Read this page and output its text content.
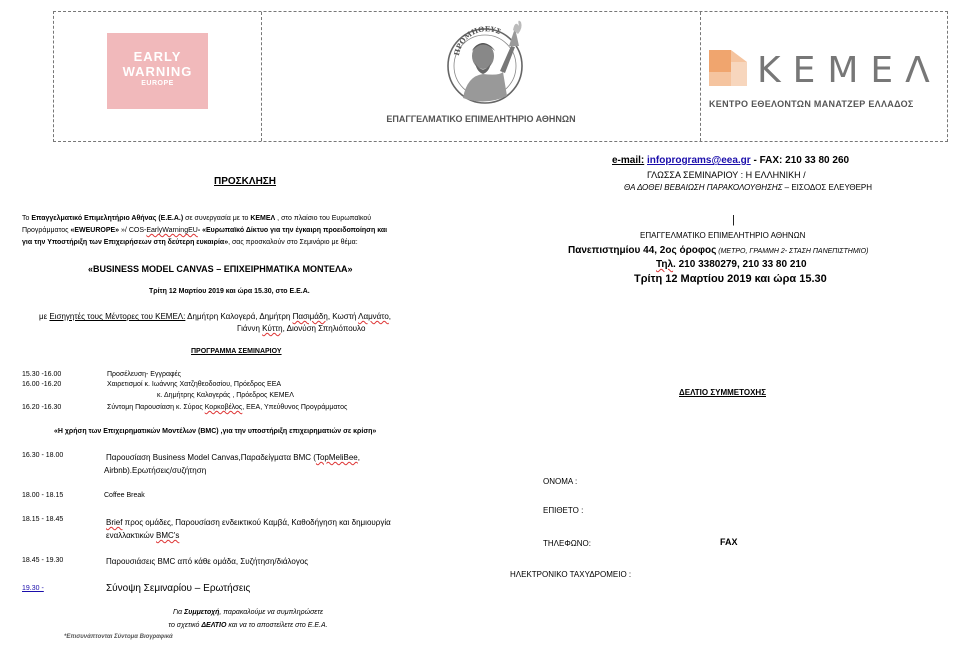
EARLY
WARNING
EUROPE
ΠΡΟΜΗΘΕΥΣ
ΕΠΑΓΓΕΛΜΑΤΙΚΟ ΕΠΙΜΕΛΗΤΗΡΙΟ ΑΘΗΝΩΝ
ΚΕΜΕΛ
ΚΕΝΤΡΟ ΕΘΕΛΟΝΤΩΝ ΜΑΝΑΤΖΕΡ ΕΛΛΑΔΟΣ
ΠΡΟΣΚΛΗΣΗ
Το Επαγγελματικό Επιμελητήριο Αθήνας (Ε.Ε.Α.) σε συνεργασία με το ΚΕΜΕΛ , στο πλαίσιο του Ευρωπαϊκού
Προγράμματος «EWEUROPE» »/ COS-EarlyWarningEU- «Ευρωπαϊκό Δίκτυο για την έγκαιρη προειδοποίηση και
για την Υποστήριξη των Επιχειρήσεων στη δεύτερη ευκαιρία», σας προσκαλούν στο Σεμινάριο με θέμα:
«BUSINESS MODEL CANVAS – ΕΠΙΧΕΙΡΗΜΑΤΙΚΑ ΜΟΝΤΕΛΑ»
Τρίτη 12 Μαρτίου 2019 και ώρα 15.30, στο Ε.Ε.Α.
με Εισηγητές τους Μέντορες του ΚΕΜΕΛ: Δημήτρη Καλογερά, Δημήτρη Πασιμάδη, Κωστή Λαμνάτο,
Γιάννη Κύττη, Διονύση Σπηλιόπουλο
ΠΡΟΓΡΑΜΜΑ ΣΕΜΙΝΑΡΙΟΥ
15.30 -16.00	Προσέλευση- Εγγραφές
16.00 -16.20	Χαιρετισμοί κ. Ιωάννης Χατζηθεοδοσίου, Πρόεδρος ΕΕΑ
κ. Δημήτρης Καλογεράς , Πρόεδρος ΚΕΜΕΛ
16.20 -16.30	Σύντομη Παρουσίαση κ. Σύρος Κορκοβέλος, ΕΕΑ, Υπεύθυνος Προγράμματος
«Η χρήση των Επιχειρηματικών Μοντέλων (BMC) ,για την υποστήριξη επιχειρηματιών σε κρίση»
16.30 - 18.00	Παρουσίαση Business Model Canvas,Παραδείγματα BMC (TopMeliBee,
Airbnb).Ερωτήσεις/συζήτηση
18.00 - 18.15	Coffee Break
18.15 - 18.45	Brief προς ομάδες, Παρουσίαση ενδεικτικού Καμβά, Καθοδήγηση και δημιουργία
εναλλακτικών BMC's
18.45 - 19.30	Παρουσιάσεις BMC από κάθε ομάδα, Συζήτηση/διάλογος
19.30 -	Σύνοψη Σεμιναρίου – Ερωτήσεις
Για Συμμετοχή, παρακαλούμε να συμπληρώσετε
το σχετικό ΔΕΛΤΙΟ και να το αποστείλετε στο Ε.Ε.Α.
*Επισυνάπτονται Σύντομα Βιογραφικά
e-mail: infoprograms@eea.gr - FAX: 210 33 80 260
ΓΛΩΣΣΑ ΣΕΜΙΝΑΡΙΟΥ : Η ΕΛΛΗΝΙΚΗ /
ΘΑ ΔΟΘΕΙ ΒΕΒΑΙΩΣΗ ΠΑΡΑΚΟΛΟΥΘΗΣΗΣ – ΕΙΣΟΔΟΣ ΕΛΕΥΘΕΡΗ
|
ΕΠΑΓΓΕΛΜΑΤΙΚΟ ΕΠΙΜΕΛΗΤΗΡΙΟ ΑΘΗΝΩΝ
Πανεπιστημίου 44, 2ος όροφος (ΜΕΤΡΟ, ΓΡΑΜΜΗ 2- ΣΤΑΣΗ ΠΑΝΕΠΙΣΤΗΜΙΟ)
Τηλ. 210 3380279, 210 33 80 210
Τρίτη 12 Μαρτίου 2019 και ώρα 15.30
ΔΕΛΤΙΟ ΣΥΜΜΕΤΟΧΗΣ
ΟΝΟΜΑ :
ΕΠΙΘΕΤΟ :
ΤΗΛΕΦΩΝΟ:	FAX
ΗΛΕΚΤΡΟΝΙΚΟ ΤΑΧΥΔΡΟΜΕΙΟ :
